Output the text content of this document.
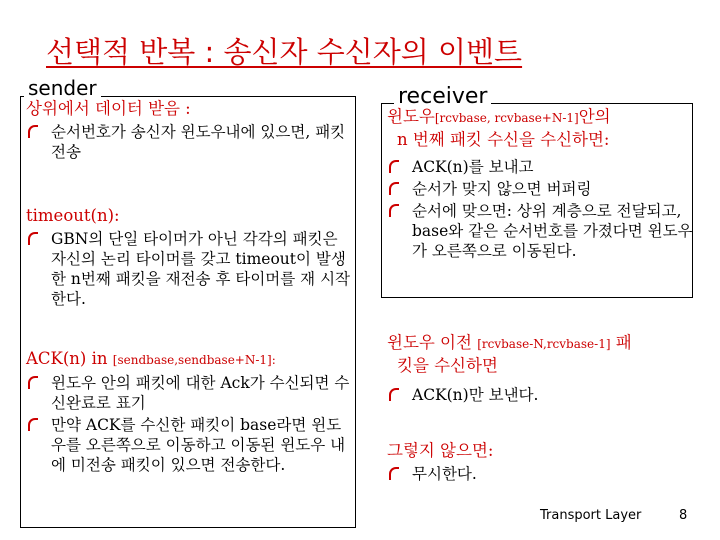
선택적 반복 : 송신자 수신자의 이벤트
sender
상위에서 데이터 받음 :
순서번호가 송신자 윈도우내에 있으면, 패킷 전송
timeout(n):
GBN의 단일 타이머가 아닌 각각의 패킷은 자신의 논리 타이머를 갖고 timeout이 발생한 n번째 패킷을 재전송 후 타이머를 재 시작한다.
ACK(n) in [sendbase,sendbase+N-1]:
윈도우 안의 패킷에 대한 Ack가 수신되면 수신완료로 표기
만약 ACK를 수신한 패킷이 base라면 윈도우를 오른쪽으로 이동하고 이동된 윈도우 내에 미전송 패킷이 있으면 전송한다.
receiver
윈도우[rcvbase, rcvbase+N-1]안의
n 번째 패킷 수신을 수신하면:
ACK(n)를 보내고
순서가 맞지 않으면 버퍼링
순서에 맞으면: 상위 계층으로 전달되고, base와 같은 순서번호를 가졌다면 윈도우가 오른쪽으로 이동된다.
윈도우 이전 [rcvbase-N,rcvbase-1] 패
킷을 수신하면
ACK(n)만 보낸다.
그렇지 않으면:
무시한다.
Transport Layer	8
